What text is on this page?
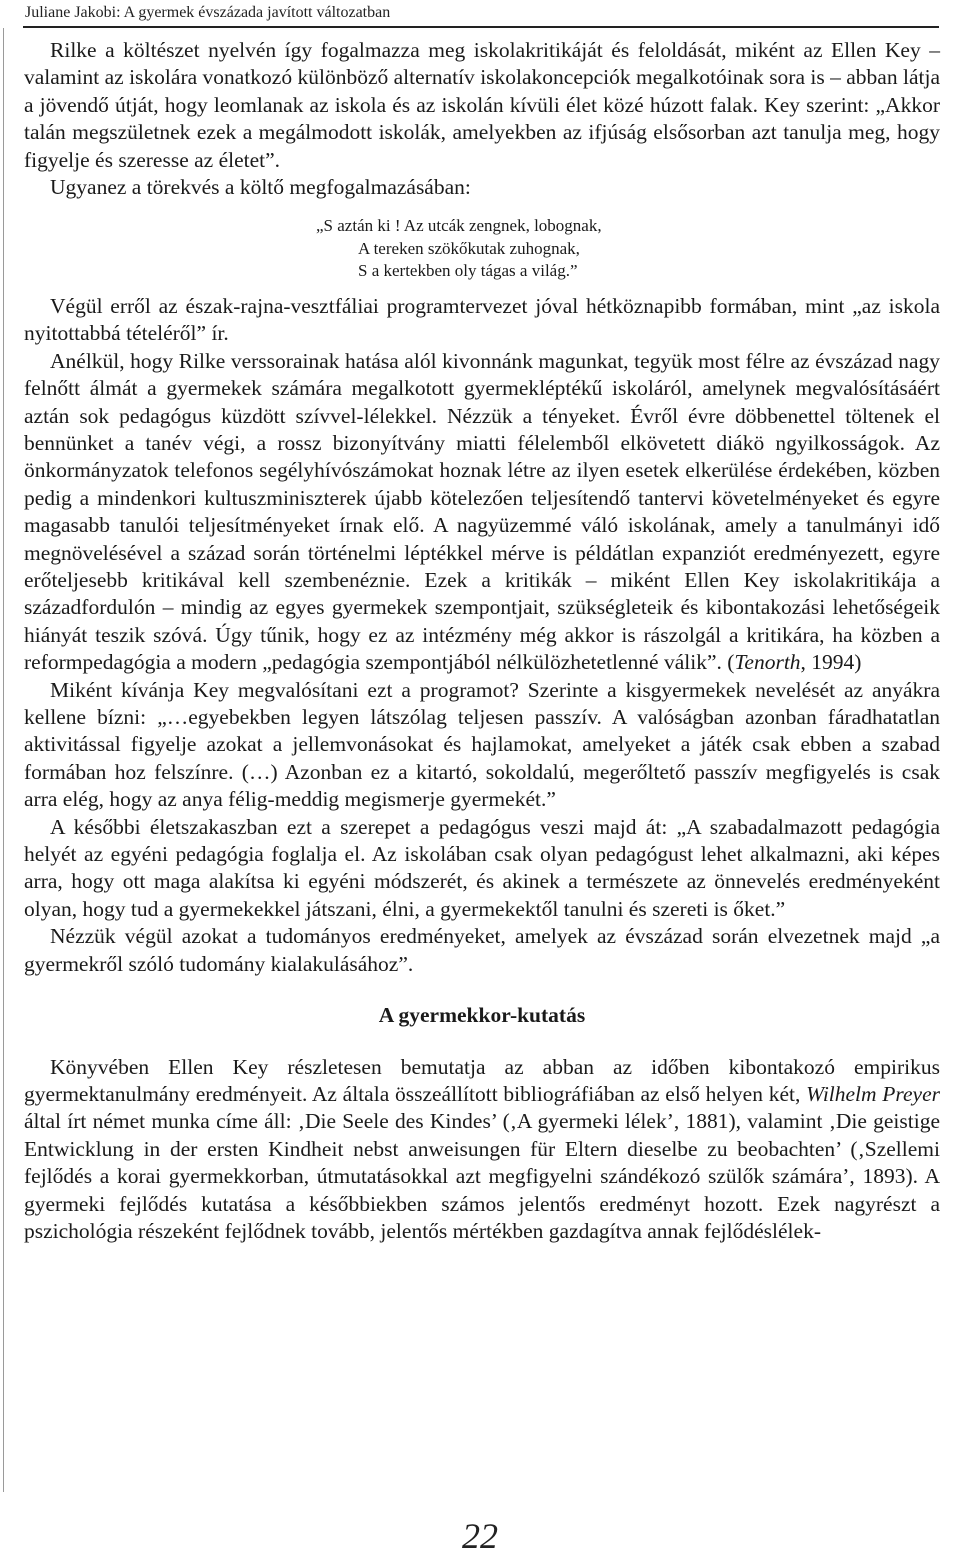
Juliane Jakobi: A gyermek évszázada javított változatban

Rilke a költészet nyelvén így fogalmazza meg iskolakritikáját és feloldását, miként az Ellen Key – valamint az iskolára vonatkozó különböző alternatív iskolakoncepciók megalkotóinak sora is – abban látja a jövendő útját, hogy leomlanak az iskola és az iskolán kívüli élet közé húzott falak. Key szerint: „Akkor talán megszületnek ezek a megálmodott iskolák, amelyekben az ifjúság elsősorban azt tanulja meg, hogy figyelje és szeresse az életet”.

Ugyanez a törekvés a költő megfogalmazásában:

„S aztán ki ! Az utcák zengnek, lobognak,
A tereken szökőkutak zuhognak,
S a kertekben oly tágas a világ.”

Végül erről az észak-rajna-vesztfáliai programtervezet jóval hétköznapibb formában, mint „az iskola nyitottabbá tételéről” ír.

Anélkül, hogy Rilke verssorainak hatása alól kivonnánk magunkat, tegyük most félre az évszázad nagy felnőtt álmát a gyermekek számára megalkotott gyermekléptékű iskoláról, amelynek megvalósításáért aztán sok pedagógus küzdött szívvel-lélekkel. Nézzük a tényeket. Évről évre döbbenettel töltenek el bennünket a tanév végi, a rossz bizonyítvány miatti félelemből elkövetett diákö ngyilkosságok. Az önkormányzatok telefonos segélyhívószámokat hoznak létre az ilyen esetek elkerülése érdekében, közben pedig a mindenkori kultuszminiszterek újabb kötelezően teljesítendő tantervi követelményeket és egyre magasabb tanulói teljesítményeket írnak elő. A nagyüzemmé váló iskolának, amely a tanulmányi idő megnövelésével a század során történelmi léptékkel mérve is példátlan expanziót eredményezett, egyre erőteljesebb kritikával kell szembenéznie. Ezek a kritikák – miként Ellen Key iskolakritikája a századfordulón – mindig az egyes gyermekek szempontjait, szükségleteik és kibontakozási lehetőségeik hiányát teszik szóvá. Úgy tűnik, hogy ez az intézmény még akkor is rászolgál a kritikára, ha közben a reformpedagógia a modern „pedagógia szempontjából nélkülözhetetlenné válik”. (Tenorth, 1994)

Miként kívánja Key megvalósítani ezt a programot? Szerinte a kisgyermekek nevelését az anyákra kellene bízni: „…egyebekben legyen látszólag teljesen passzív. A valóságban azonban fáradhatatlan aktivitással figyelje azokat a jellemvonásokat és hajlamokat, amelyeket a játék csak ebben a szabad formában hoz felszínre. (…) Azonban ez a kitartó, sokoldalú, megerőltető passzív megfigyelés is csak arra elég, hogy az anya félig-meddig megismerje gyermekét.”

A későbbi életszakaszban ezt a szerepet a pedagógus veszi majd át: „A szabadalmazott pedagógia helyét az egyéni pedagógia foglalja el. Az iskolában csak olyan pedagógust lehet alkalmazni, aki képes arra, hogy ott maga alakítsa ki egyéni módszerét, és akinek a természete az önnevelés eredményeként olyan, hogy tud a gyermekekkel játszani, élni, a gyermekektől tanulni és szereti is őket.”

Nézzük végül azokat a tudományos eredményeket, amelyek az évszázad során elvezetnek majd „a gyermekről szóló tudomány kialakulásához”.

A gyermekkor-kutatás

Könyvében Ellen Key részletesen bemutatja az abban az időben kibontakozó empirikus gyermektanulmány eredményeit. Az általa összeállított bibliográfiában az első helyen két, Wilhelm Preyer által írt német munka címe áll: ‚Die Seele des Kindes’ (‚A gyermeki lélek’, 1881), valamint ‚Die geistige Entwicklung in der ersten Kindheit nebst anweisungen für Eltern dieselbe zu beobachten’ (‚Szellemi fejlődés a korai gyermekkorban, útmutatásokkal azt megfigyelni szándékozó szülők számára’, 1893). A gyermeki fejlődés kutatása a későbbiekben számos jelentős eredményt hozott. Ezek nagyrészt a pszichológia részeként fejlődnek tovább, jelentős mértékben gazdagítva annak fejlődéslélek-

22
